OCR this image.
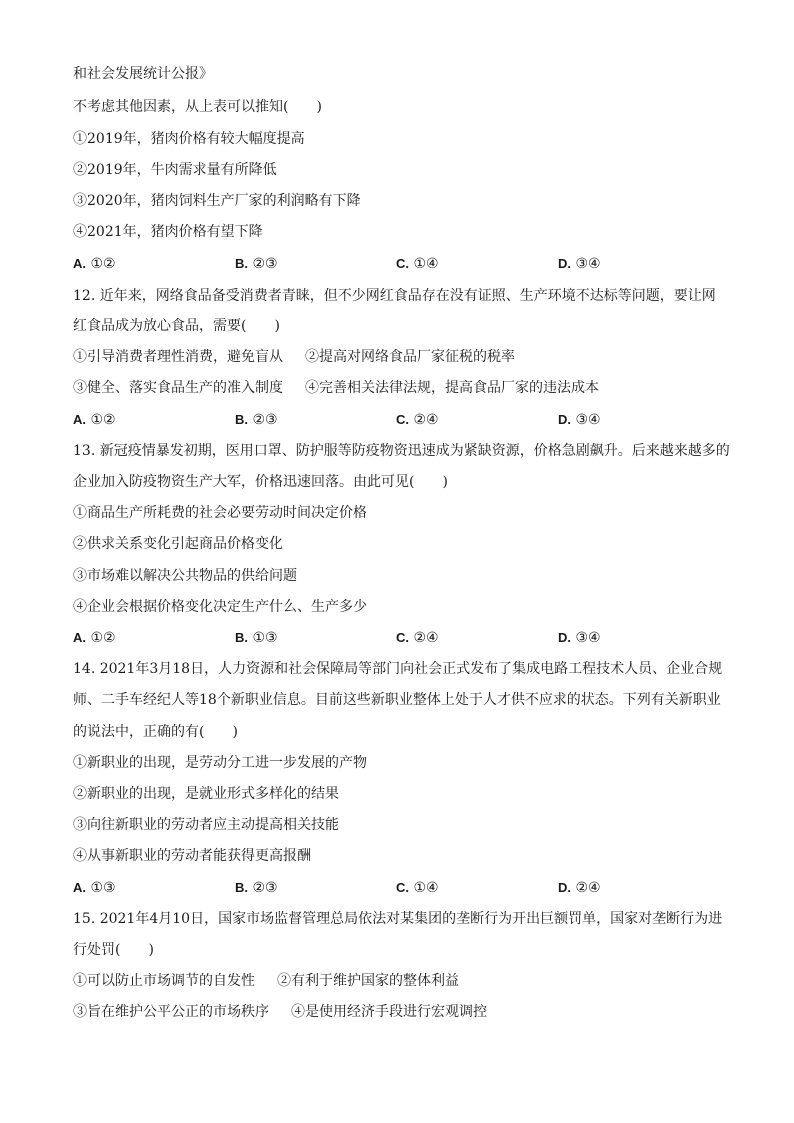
和社会发展统计公报》
不考虑其他因素，从上表可以推知(　　)
①2019年，猪肉价格有较大幅度提高
②2019年，牛肉需求量有所降低
③2020年，猪肉饲料生产厂家的利润略有下降
④2021年，猪肉价格有望下降
A. ①②	B. ②③	C. ①④	D. ③④
12. 近年来，网络食品备受消费者青睐，但不少网红食品存在没有证照、生产环境不达标等问题，要让网
红食品成为放心食品，需要(　　)
①引导消费者理性消费，避免盲从 ②提高对网络食品厂家征税的税率
③健全、落实食品生产的准入制度 ④完善相关法律法规，提高食品厂家的违法成本
A. ①②	B. ②③	C. ②④	D. ③④
13. 新冠疫情暴发初期，医用口罩、防护服等防疫物资迅速成为紧缺资源，价格急剧飙升。后来越来越多的
企业加入防疫物资生产大军，价格迅速回落。由此可见(　　)
①商品生产所耗费的社会必要劳动时间决定价格
②供求关系变化引起商品价格变化
③市场难以解决公共物品的供给问题
④企业会根据价格变化决定生产什么、生产多少
A. ①②	B. ①③	C. ②④	D. ③④
14. 2021年3月18日，人力资源和社会保障局等部门向社会正式发布了集成电路工程技术人员、企业合规
师、二手车经纪人等18个新职业信息。目前这些新职业整体上处于人才供不应求的状态。下列有关新职业
的说法中，正确的有(　　)
①新职业的出现，是劳动分工进一步发展的产物
②新职业的出现，是就业形式多样化的结果
③向往新职业的劳动者应主动提高相关技能
④从事新职业的劳动者能获得更高报酬
A. ①③	B. ②③	C. ①④	D. ②④
15. 2021年4月10日，国家市场监督管理总局依法对某集团的垄断行为开出巨额罚单，国家对垄断行为进
行处罚(　　)
①可以防止市场调节的自发性 ②有利于维护国家的整体利益
③旨在维护公平公正的市场秩序 ④是使用经济手段进行宏观调控
